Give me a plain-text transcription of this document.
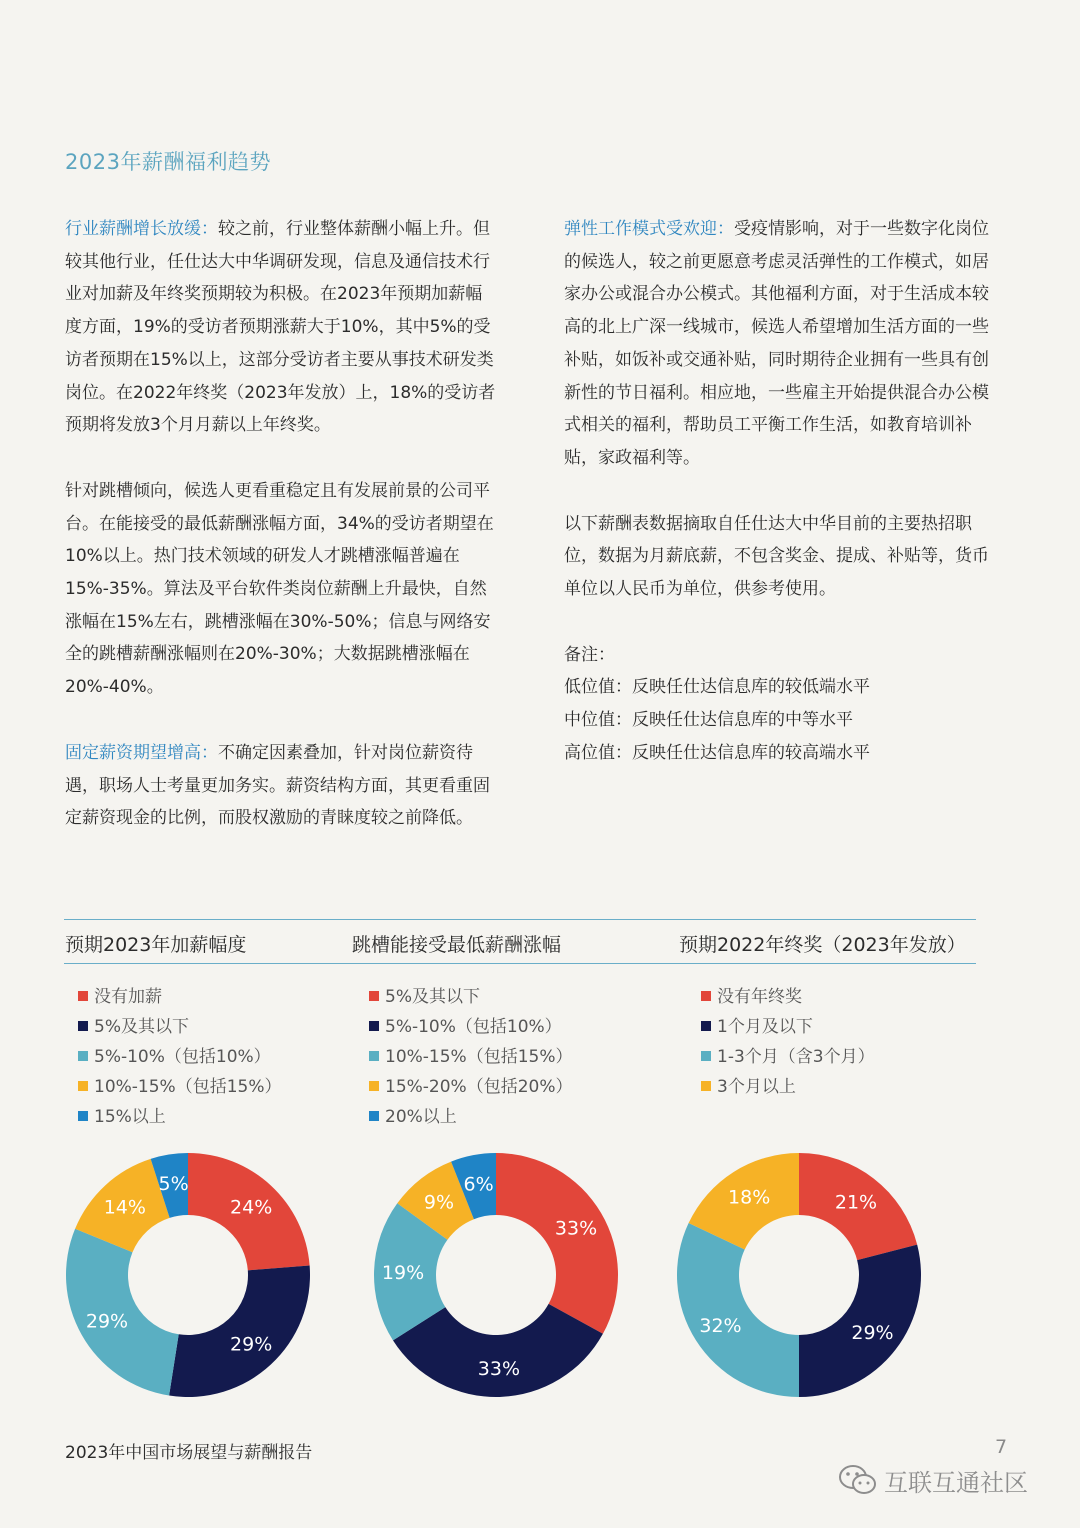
2023年薪酬福利趋势

行业薪酬增长放缓：较之前，行业整体薪酬小幅上升。但较其他行业，任仕达大中华调研发现，信息及通信技术行业对加薪及年终奖预期较为积极。在2023年预期加薪幅度方面，19%的受访者预期涨薪大于10%，其中5%的受访者预期在15%以上，这部分受访者主要从事技术研发类岗位。在2022年终奖（2023年发放）上，18%的受访者预期将发放3个月月薪以上年终奖。

针对跳槽倾向，候选人更看重稳定且有发展前景的公司平台。在能接受的最低薪酬涨幅方面，34%的受访者期望在10%以上。热门技术领域的研发人才跳槽涨幅普遍在15%-35%。算法及平台软件类岗位薪酬上升最快，自然涨幅在15%左右，跳槽涨幅在30%-50%；信息与网络安全的跳槽薪酬涨幅则在20%-30%；大数据跳槽涨幅在20%-40%。

固定薪资期望增高：不确定因素叠加，针对岗位薪资待遇，职场人士考量更加务实。薪资结构方面，其更看重固定薪资现金的比例，而股权激励的青睐度较之前降低。

弹性工作模式受欢迎：受疫情影响，对于一些数字化岗位的候选人，较之前更愿意考虑灵活弹性的工作模式，如居家办公或混合办公模式。其他福利方面，对于生活成本较高的北上广深一线城市，候选人希望增加生活方面的一些补贴，如饭补或交通补贴，同时期待企业拥有一些具有创新性的节日福利。相应地，一些雇主开始提供混合办公模式相关的福利，帮助员工平衡工作生活，如教育培训补贴，家政福利等。

以下薪酬表数据摘取自任仕达大中华目前的主要热招职位，数据为月薪底薪，不包含奖金、提成、补贴等，货币单位以人民币为单位，供参考使用。

备注：
低位值：反映任仕达信息库的较低端水平
中位值：反映任仕达信息库的中等水平
高位值：反映任仕达信息库的较高端水平
预期2023年加薪幅度	跳槽能接受最低薪酬涨幅	预期2022年终奖（2023年发放）
没有加薪
5%及其以下
5%-10%（包括10%）
10%-15%（包括15%）
15%以上
5%及其以下
5%-10%（包括10%）
10%-15%（包括15%）
15%-20%（包括20%）
20%以上
没有年终奖
1个月及以下
1-3个月（含3个月）
3个月以上
24%
29%
29%
14%
5%
33%
33%
19%
9%
6%
21%
29%
32%
18%
2023年中国市场展望与薪酬报告	7
互联互通社区
